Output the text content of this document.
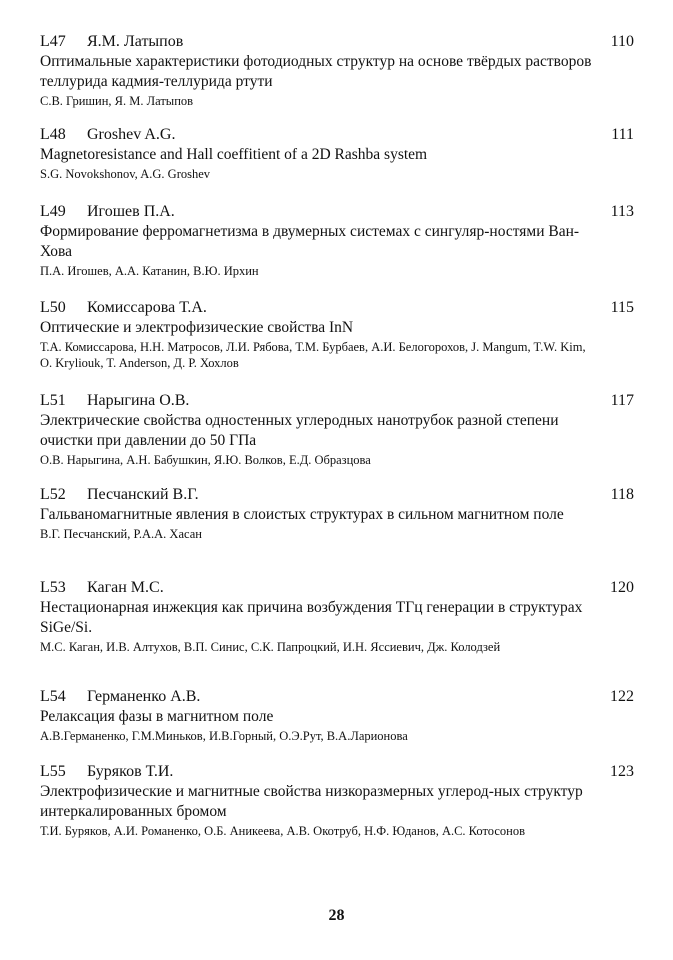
L47 Я.М. Латыпов	110
Оптимальные характеристики фотодиодных структур на основе твёрдых растворов теллурида кадмия-теллурида ртути
С.В. Гришин, Я. М. Латыпов
L48 Groshev A.G.	111
Magnetoresistance and Hall coeffitient of a 2D Rashba system
S.G. Novokshonov, A.G. Groshev
L49 Игошев П.А.	113
Формирование ферромагнетизма в двумерных системах с сингуляр-ностями Ван-Хова
П.А. Игошев, А.А. Катанин, В.Ю. Ирхин
L50 Комиссарова Т.А.	115
Оптические и электрофизические свойства InN
Т.А. Комиссарова, Н.Н. Матросов, Л.И. Рябова, Т.М. Бурбаев, А.И. Белогорохов, J. Mangum, T.W. Kim, O. Kryliouk, T. Anderson, Д. Р. Хохлов
L51 Нарыгина О.В.	117
Электрические свойства одностенных углеродных нанотрубок разной степени очистки при давлении до 50 ГПа
О.В. Нарыгина, А.Н. Бабушкин, Я.Ю. Волков, Е.Д. Образцова
L52 Песчанский В.Г.	118
Гальваномагнитные явления в слоистых структурах в сильном магнитном поле
В.Г. Песчанский, Р.А.А. Хасан
L53 Каган М.С.	120
Нестационарная инжекция как причина возбуждения ТГц генерации в структурах SiGe/Si.
М.С. Каган, И.В. Алтухов, В.П. Синис, С.К. Папроцкий, И.Н. Яссиевич, Дж. Колодзей
L54 Германенко А.В.	122
Релаксация фазы в магнитном поле
А.В.Германенко, Г.М.Миньков, И.В.Горный, О.Э.Рут, В.А.Ларионова
L55 Буряков Т.И.	123
Электрофизические и магнитные свойства низкоразмерных углерод-ных структур интеркалированных бромом
Т.И. Буряков, А.И. Романенко, О.Б. Аникеева, А.В. Окотруб, Н.Ф. Юданов, А.С. Котосонов
28
